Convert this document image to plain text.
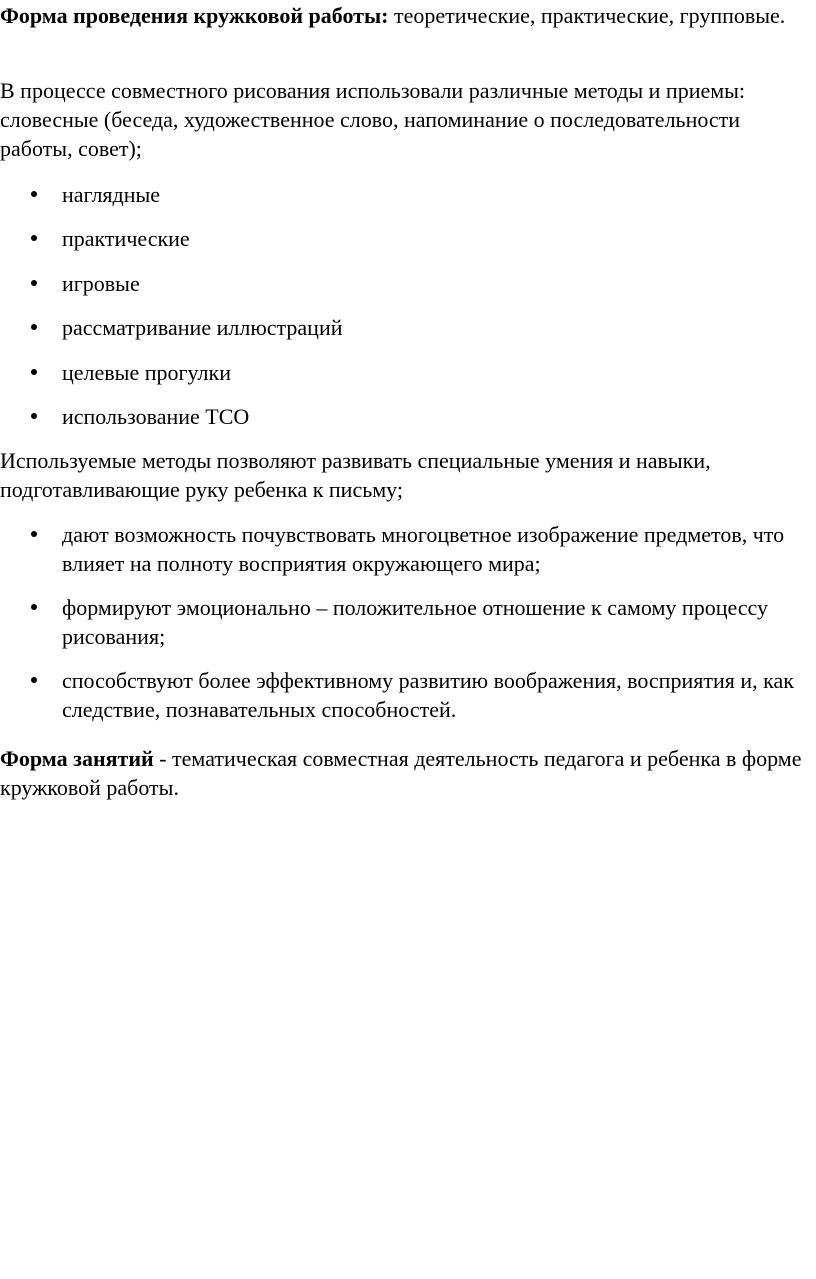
Форма проведения кружковой работы: теоретические, практические, групповые.

В процессе совместного рисования использовали различные методы и приемы: словесные (беседа, художественное слово, напоминание о последовательности работы, совет);

наглядные
практические
игровые
рассматривание иллюстраций
целевые прогулки
использование ТСО

Используемые методы позволяют развивать специальные умения и навыки, подготавливающие руку ребенка к письму;

дают возможность почувствовать многоцветное изображение предметов, что влияет на полноту восприятия окружающего мира;
формируют эмоционально – положительное отношение к самому процессу рисования;
способствуют более эффективному развитию воображения, восприятия и, как следствие, познавательных способностей.

Форма занятий - тематическая совместная деятельность педагога и ребенка в форме кружковой работы.
